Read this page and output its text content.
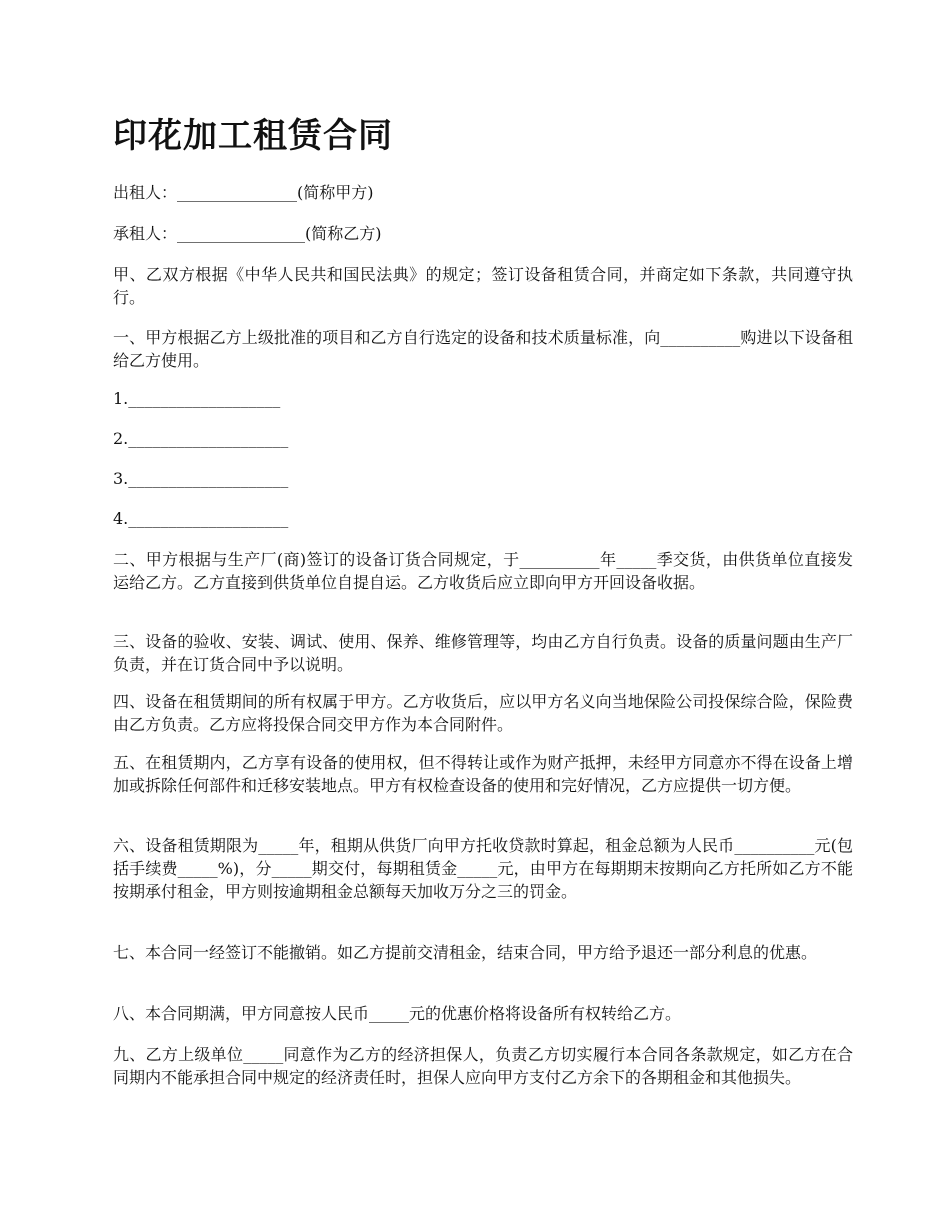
印花加工租赁合同

出租人：_______________(简称甲方)

承租人：________________(简称乙方)

甲、乙双方根据《中华人民共和国民法典》的规定；签订设备租赁合同，并商定如下条款，共同遵守执行。

一、甲方根据乙方上级批准的项目和乙方自行选定的设备和技术质量标准，向__________购进以下设备租给乙方使用。

1.___________________

2.____________________

3.____________________

4.____________________

二、甲方根据与生产厂(商)签订的设备订货合同规定，于__________年_____季交货，由供货单位直接发运给乙方。乙方直接到供货单位自提自运。乙方收货后应立即向甲方开回设备收据。

三、设备的验收、安装、调试、使用、保养、维修管理等，均由乙方自行负责。设备的质量问题由生产厂负责，并在订货合同中予以说明。

四、设备在租赁期间的所有权属于甲方。乙方收货后，应以甲方名义向当地保险公司投保综合险，保险费由乙方负责。乙方应将投保合同交甲方作为本合同附件。

五、在租赁期内，乙方享有设备的使用权，但不得转让或作为财产抵押，未经甲方同意亦不得在设备上增加或拆除任何部件和迁移安装地点。甲方有权检查设备的使用和完好情况，乙方应提供一切方便。

六、设备租赁期限为_____年，租期从供货厂向甲方托收贷款时算起，租金总额为人民币__________元(包括手续费_____%)，分_____期交付，每期租赁金_____元，由甲方在每期期末按期向乙方托所如乙方不能按期承付租金，甲方则按逾期租金总额每天加收万分之三的罚金。

七、本合同一经签订不能撤销。如乙方提前交清租金，结束合同，甲方给予退还一部分利息的优惠。

八、本合同期满，甲方同意按人民币_____元的优惠价格将设备所有权转给乙方。

九、乙方上级单位_____同意作为乙方的经济担保人，负责乙方切实履行本合同各条款规定，如乙方在合同期内不能承担合同中规定的经济责任时，担保人应向甲方支付乙方余下的各期租金和其他损失。
